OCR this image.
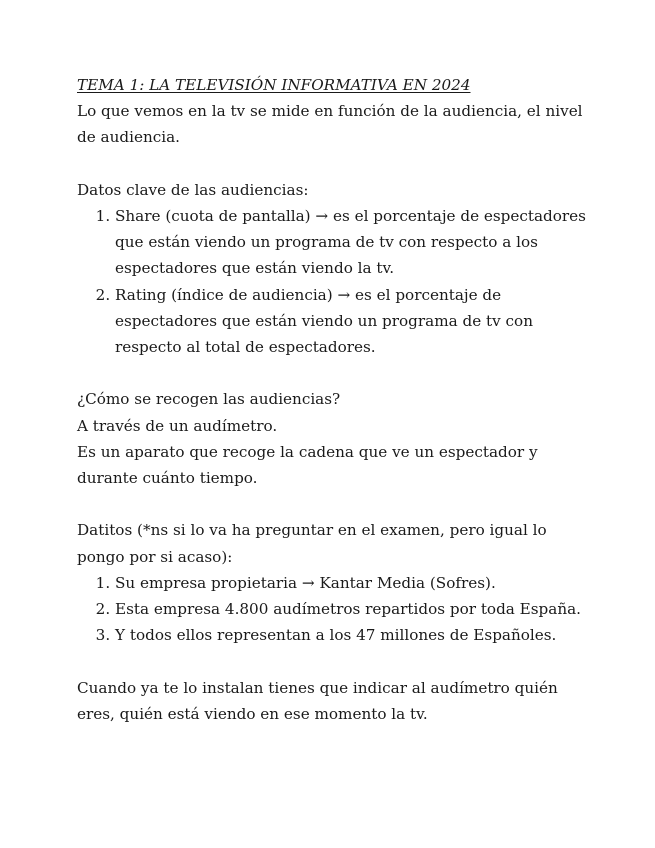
TEMA 1: LA TELEVISIÓN INFORMATIVA EN 2024

Lo que vemos en la tv se mide en función de la audiencia, el nivel de audiencia.

Datos clave de las audiencias:

1. Share (cuota de pantalla) → es el porcentaje de espectadores que están viendo un programa de tv con respecto a los espectadores que están viendo la tv.
2. Rating (índice de audiencia) → es el porcentaje de espectadores que están viendo un programa de tv con respecto al total de espectadores.

¿Cómo se recogen las audiencias?

A través de un audímetro.

Es un aparato que recoge la cadena que ve un espectador y durante cuánto tiempo.

Datitos (*ns si lo va ha preguntar en el examen, pero igual lo pongo por si acaso):

1. Su empresa propietaria → Kantar Media (Sofres).
2. Esta empresa 4.800 audímetros repartidos por toda España.
3. Y todos ellos representan a los 47 millones de Españoles.

Cuando ya te lo instalan tienes que indicar al audímetro quién eres, quién está viendo en ese momento la tv.
